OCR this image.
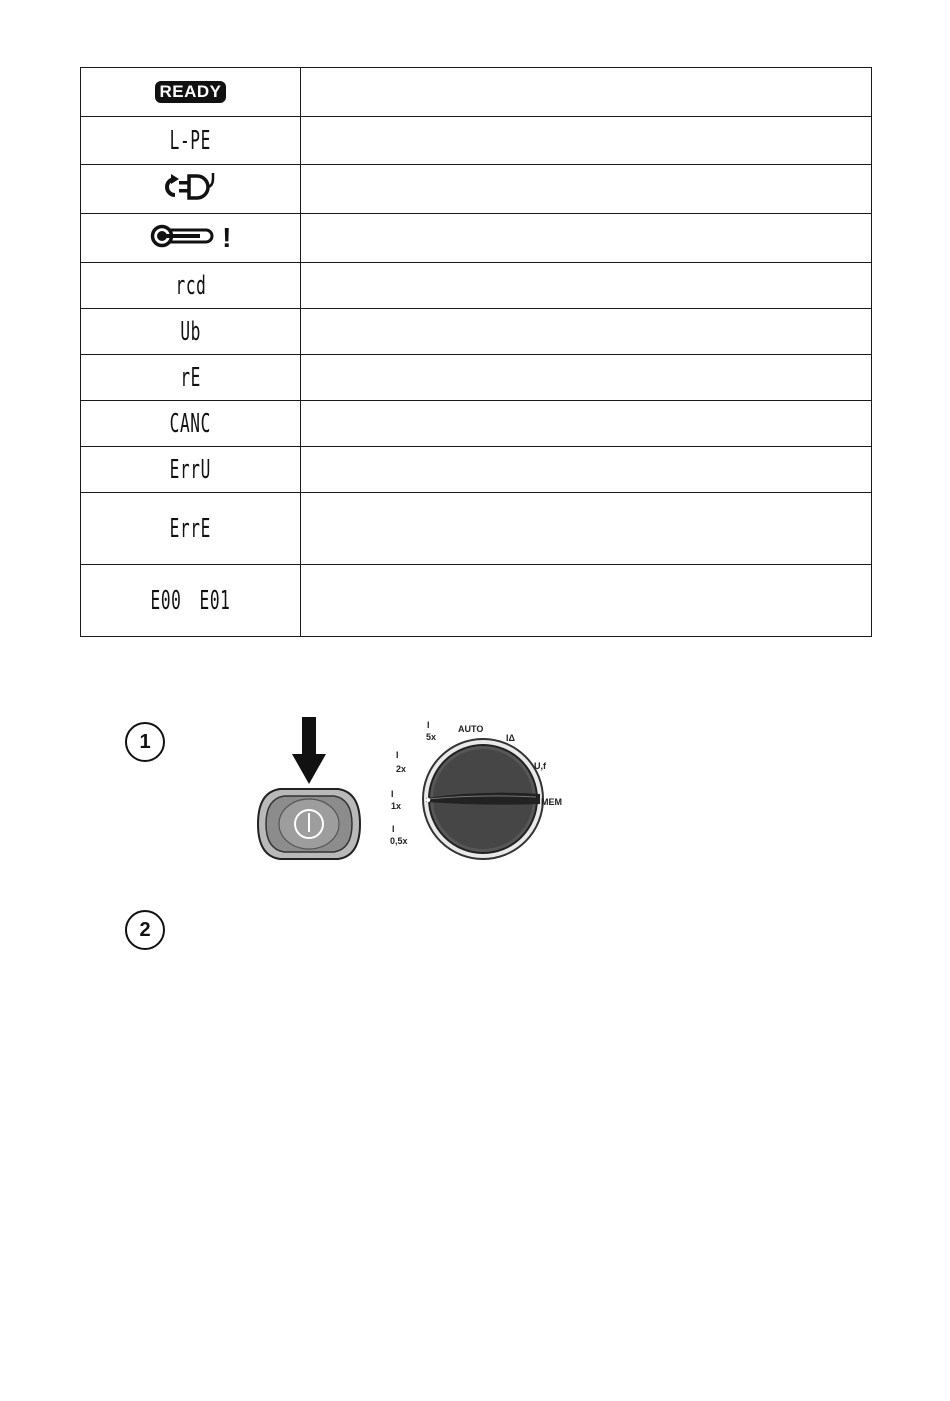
READY	
L-PE	

!	
rcd	
Ub	
rE	
CANC	
ErrU	
ErrE	
E00 E01	
1
I
5x
AUTO
IΔ
U,f
MEM
I
2x
I
1x
I
0,5x
2
